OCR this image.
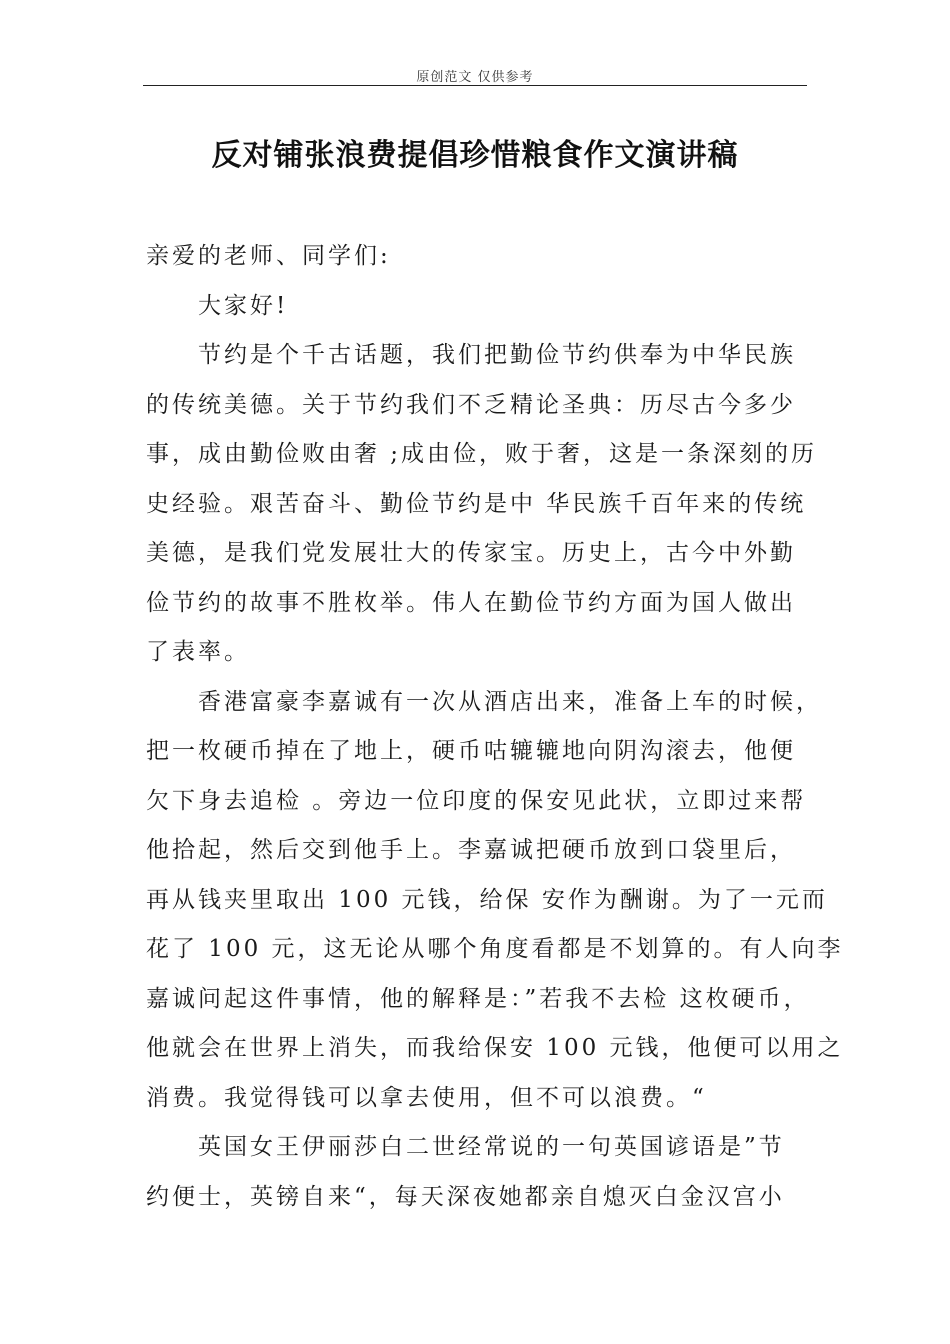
原创范文 仅供参考
反对铺张浪费提倡珍惜粮食作文演讲稿

亲爱的老师、同学们:

大家好!

节约是个千古话题，我们把勤俭节约供奉为中华民族
的传统美德。关于节约我们不乏精论圣典：历尽古今多少
事，成由勤俭败由奢 ;成由俭，败于奢，这是一条深刻的历
史经验。艰苦奋斗、勤俭节约是中 华民族千百年来的传统
美德，是我们党发展壮大的传家宝。历史上，古今中外勤
俭节约的故事不胜枚举。伟人在勤俭节约方面为国人做出
了表率。

香港富豪李嘉诚有一次从酒店出来，准备上车的时候，
把一枚硬币掉在了地上，硬币咕辘辘地向阴沟滚去，他便
欠下身去追检 。旁边一位印度的保安见此状，立即过来帮
他拾起，然后交到他手上。李嘉诚把硬币放到口袋里后，
再从钱夹里取出 100 元钱，给保 安作为酬谢。为了一元而
花了 100 元，这无论从哪个角度看都是不划算的。有人向李
嘉诚问起这件事情，他的解释是：”若我不去检 这枚硬币，
他就会在世界上消失，而我给保安 100 元钱，他便可以用之
消费。我觉得钱可以拿去使用，但不可以浪费。“

英国女王伊丽莎白二世经常说的一句英国谚语是”节
约便士，英镑自来“，每天深夜她都亲自熄灭白金汉宫小
